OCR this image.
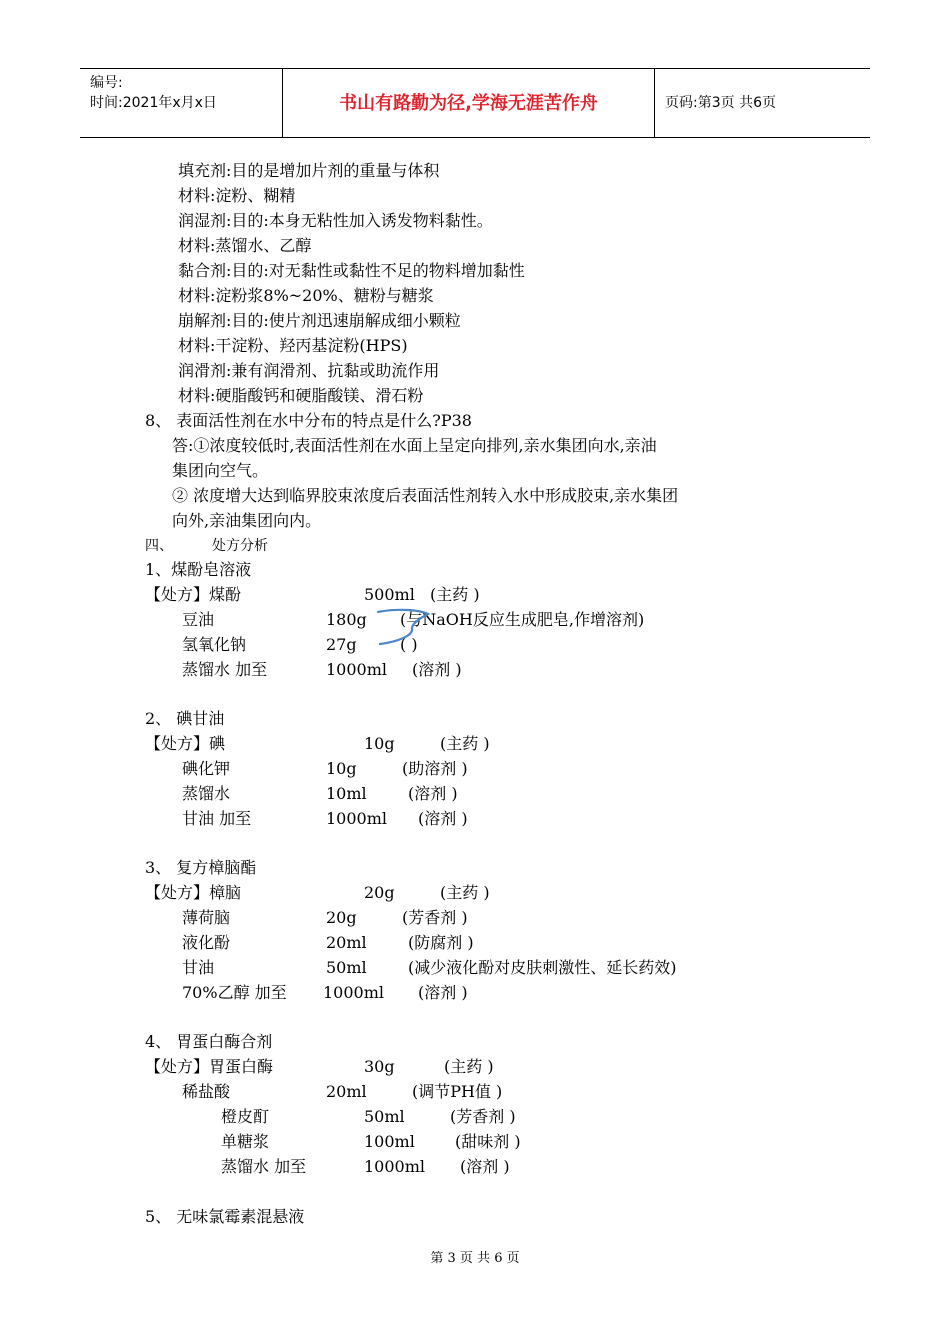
编号:
时间:2021年x月x日	书山有路勤为径,学海无涯苦作舟	页码:第3页 共6页
填充剂:目的是增加片剂的重量与体积
材料:淀粉、糊精
润湿剂:目的:本身无粘性加入诱发物料黏性。
材料:蒸馏水、乙醇
黏合剂:目的:对无黏性或黏性不足的物料增加黏性
材料:淀粉浆8%~20%、糖粉与糖浆
崩解剂:目的:使片剂迅速崩解成细小颗粒
材料:干淀粉、羟丙基淀粉(HPS)
润滑剂:兼有润滑剂、抗黏或助流作用
材料:硬脂酸钙和硬脂酸镁、滑石粉
8、 表面活性剂在水中分布的特点是什么?P38
答:①浓度较低时,表面活性剂在水面上呈定向排列,亲水集团向水,亲油
集团向空气。
② 浓度增大达到临界胶束浓度后表面活性剂转入水中形成胶束,亲水集团
向外,亲油集团向内。
四、	处方分析
1、煤酚皂溶液
【处方】煤酚	500ml (主药 )
豆油	180g (与NaOH反应生成肥皂,作增溶剂)
氢氧化钠	27g	( )
蒸馏水 加至	1000ml (溶剂 )
2、 碘甘油
【处方】碘	10g	(主药 )
碘化钾	10g	(助溶剂 )
蒸馏水	10ml	(溶剂 )
甘油 加至	1000ml (溶剂 )
3、 复方樟脑酯
【处方】樟脑	20g	(主药 )
薄荷脑	20g	(芳香剂 )
液化酚	20ml	(防腐剂 )
甘油	50ml	(减少液化酚对皮肤刺激性、延长药效)
70%乙醇 加至 1000ml (溶剂 )
4、 胃蛋白酶合剂
【处方】胃蛋白酶	30g	(主药 )
稀盐酸	20ml	(调节PH值 )
橙皮酊	50ml	(芳香剂 )
单糖浆	100ml	(甜味剂 )
蒸馏水 加至	1000ml (溶剂 )
5、 无味氯霉素混悬液
第 3 页 共 6 页
